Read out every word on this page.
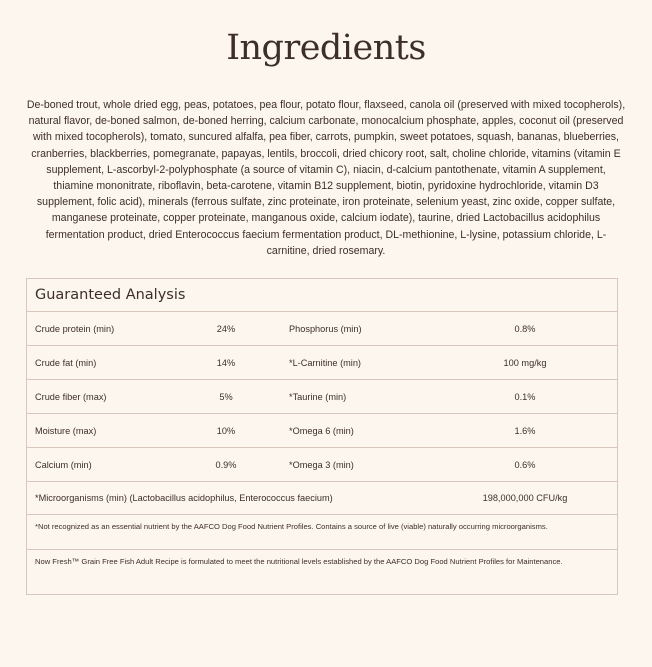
Ingredients

De-boned trout, whole dried egg, peas, potatoes, pea flour, potato flour, flaxseed, canola oil (preserved with mixed tocopherols), natural flavor, de-boned salmon, de-boned herring, calcium carbonate, monocalcium phosphate, apples, coconut oil (preserved with mixed tocopherols), tomato, suncured alfalfa, pea fiber, carrots, pumpkin, sweet potatoes, squash, bananas, blueberries, cranberries, blackberries, pomegranate, papayas, lentils, broccoli, dried chicory root, salt, choline chloride, vitamins (vitamin E supplement, L-ascorbyl-2-polyphosphate (a source of vitamin C), niacin, d-calcium pantothenate, vitamin A supplement, thiamine mononitrate, riboflavin, beta-carotene, vitamin B12 supplement, biotin, pyridoxine hydrochloride, vitamin D3 supplement, folic acid), minerals (ferrous sulfate, zinc proteinate, iron proteinate, selenium yeast, zinc oxide, copper sulfate, manganese proteinate, copper proteinate, manganous oxide, calcium iodate), taurine, dried Lactobacillus acidophilus fermentation product, dried Enterococcus faecium fermentation product, DL-methionine, L-lysine, potassium chloride, L-carnitine, dried rosemary.

Guaranteed Analysis
Crude protein (min)	24%	Phosphorus (min)	0.8%
Crude fat (min)	14%	*L-Carnitine (min)	100 mg/kg
Crude fiber (max)	5%	*Taurine (min)	0.1%
Moisture (max)	10%	*Omega 6 (min)	1.6%
Calcium (min)	0.9%	*Omega 3 (min)	0.6%
*Microorganisms (min) (Lactobacillus acidophilus, Enterococcus faecium)	198,000,000 CFU/kg
*Not recognized as an essential nutrient by the AAFCO Dog Food Nutrient Profiles. Contains a source of live (viable) naturally occurring microorganisms.
Now Fresh™ Grain Free Fish Adult Recipe is formulated to meet the nutritional levels established by the AAFCO Dog Food Nutrient Profiles for Maintenance.
